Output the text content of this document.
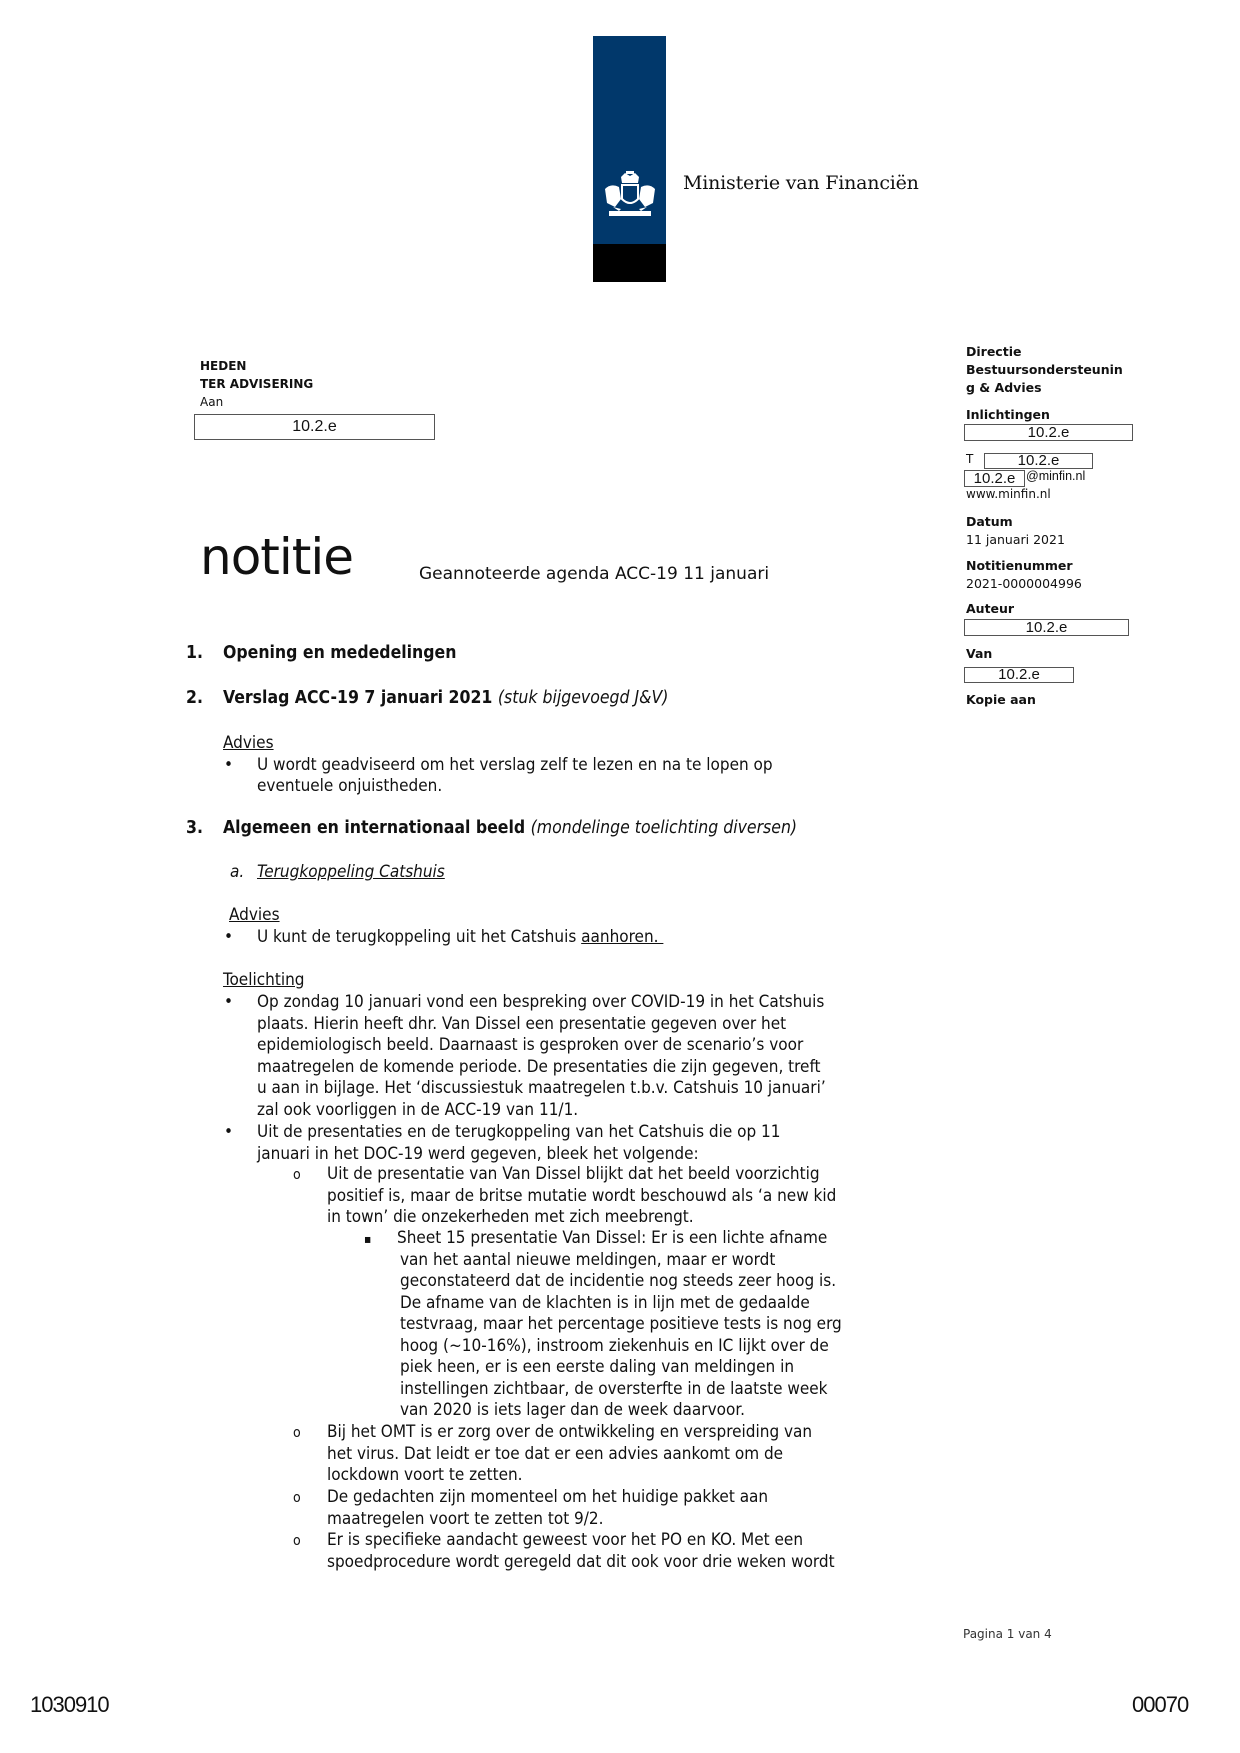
Ministerie van Financiën
HEDEN
TER ADVISERING
Aan
10.2.e
Directie
Bestuursondersteunin
g & Advies
Inlichtingen
10.2.e
T	10.2.e
10.2.e @minfin.nl
www.minfin.nl
Datum
11 januari 2021
Notitienummer
2021-0000004996
Auteur
10.2.e
Van
10.2.e
Kopie aan
notitie	Geannoteerde agenda ACC-19 11 januari
1. Opening en mededelingen
2. Verslag ACC-19 7 januari 2021 (stuk bijgevoegd J&V)
Advies
• U wordt geadviseerd om het verslag zelf te lezen en na te lopen op
eventuele onjuistheden.
3. Algemeen en internationaal beeld (mondelinge toelichting diversen)
a. Terugkoppeling Catshuis
Advies
• U kunt de terugkoppeling uit het Catshuis aanhoren.
Toelichting
• Op zondag 10 januari vond een bespreking over COVID-19 in het Catshuis

plaats. Hierin heeft dhr. Van Dissel een presentatie gegeven over het

epidemiologisch beeld. Daarnaast is gesproken over de scenario’s voor

maatregelen de komende periode. De presentaties die zijn gegeven, treft

u aan in bijlage. Het ‘discussiestuk maatregelen t.b.v. Catshuis 10 januari’

zal ook voorliggen in de ACC-19 van 11/1.

• Uit de presentaties en de terugkoppeling van het Catshuis die op 11

januari in het DOC-19 werd gegeven, bleek het volgende:

o Uit de presentatie van Van Dissel blijkt dat het beeld voorzichtig

positief is, maar de britse mutatie wordt beschouwd als ‘a new kid

in town’ die onzekerheden met zich meebrengt.

▪ Sheet 15 presentatie Van Dissel: Er is een lichte afname

van het aantal nieuwe meldingen, maar er wordt

geconstateerd dat de incidentie nog steeds zeer hoog is.

De afname van de klachten is in lijn met de gedaalde

testvraag, maar het percentage positieve tests is nog erg

hoog (~10-16%), instroom ziekenhuis en IC lijkt over de

piek heen, er is een eerste daling van meldingen in

instellingen zichtbaar, de oversterfte in de laatste week

van 2020 is iets lager dan de week daarvoor.

o Bij het OMT is er zorg over de ontwikkeling en verspreiding van

het virus. Dat leidt er toe dat er een advies aankomt om de

lockdown voort te zetten.

o De gedachten zijn momenteel om het huidige pakket aan

maatregelen voort te zetten tot 9/2.

o Er is specifieke aandacht geweest voor het PO en KO. Met een

spoedprocedure wordt geregeld dat dit ook voor drie weken wordt

Pagina 1 van 4
1030910	00070
